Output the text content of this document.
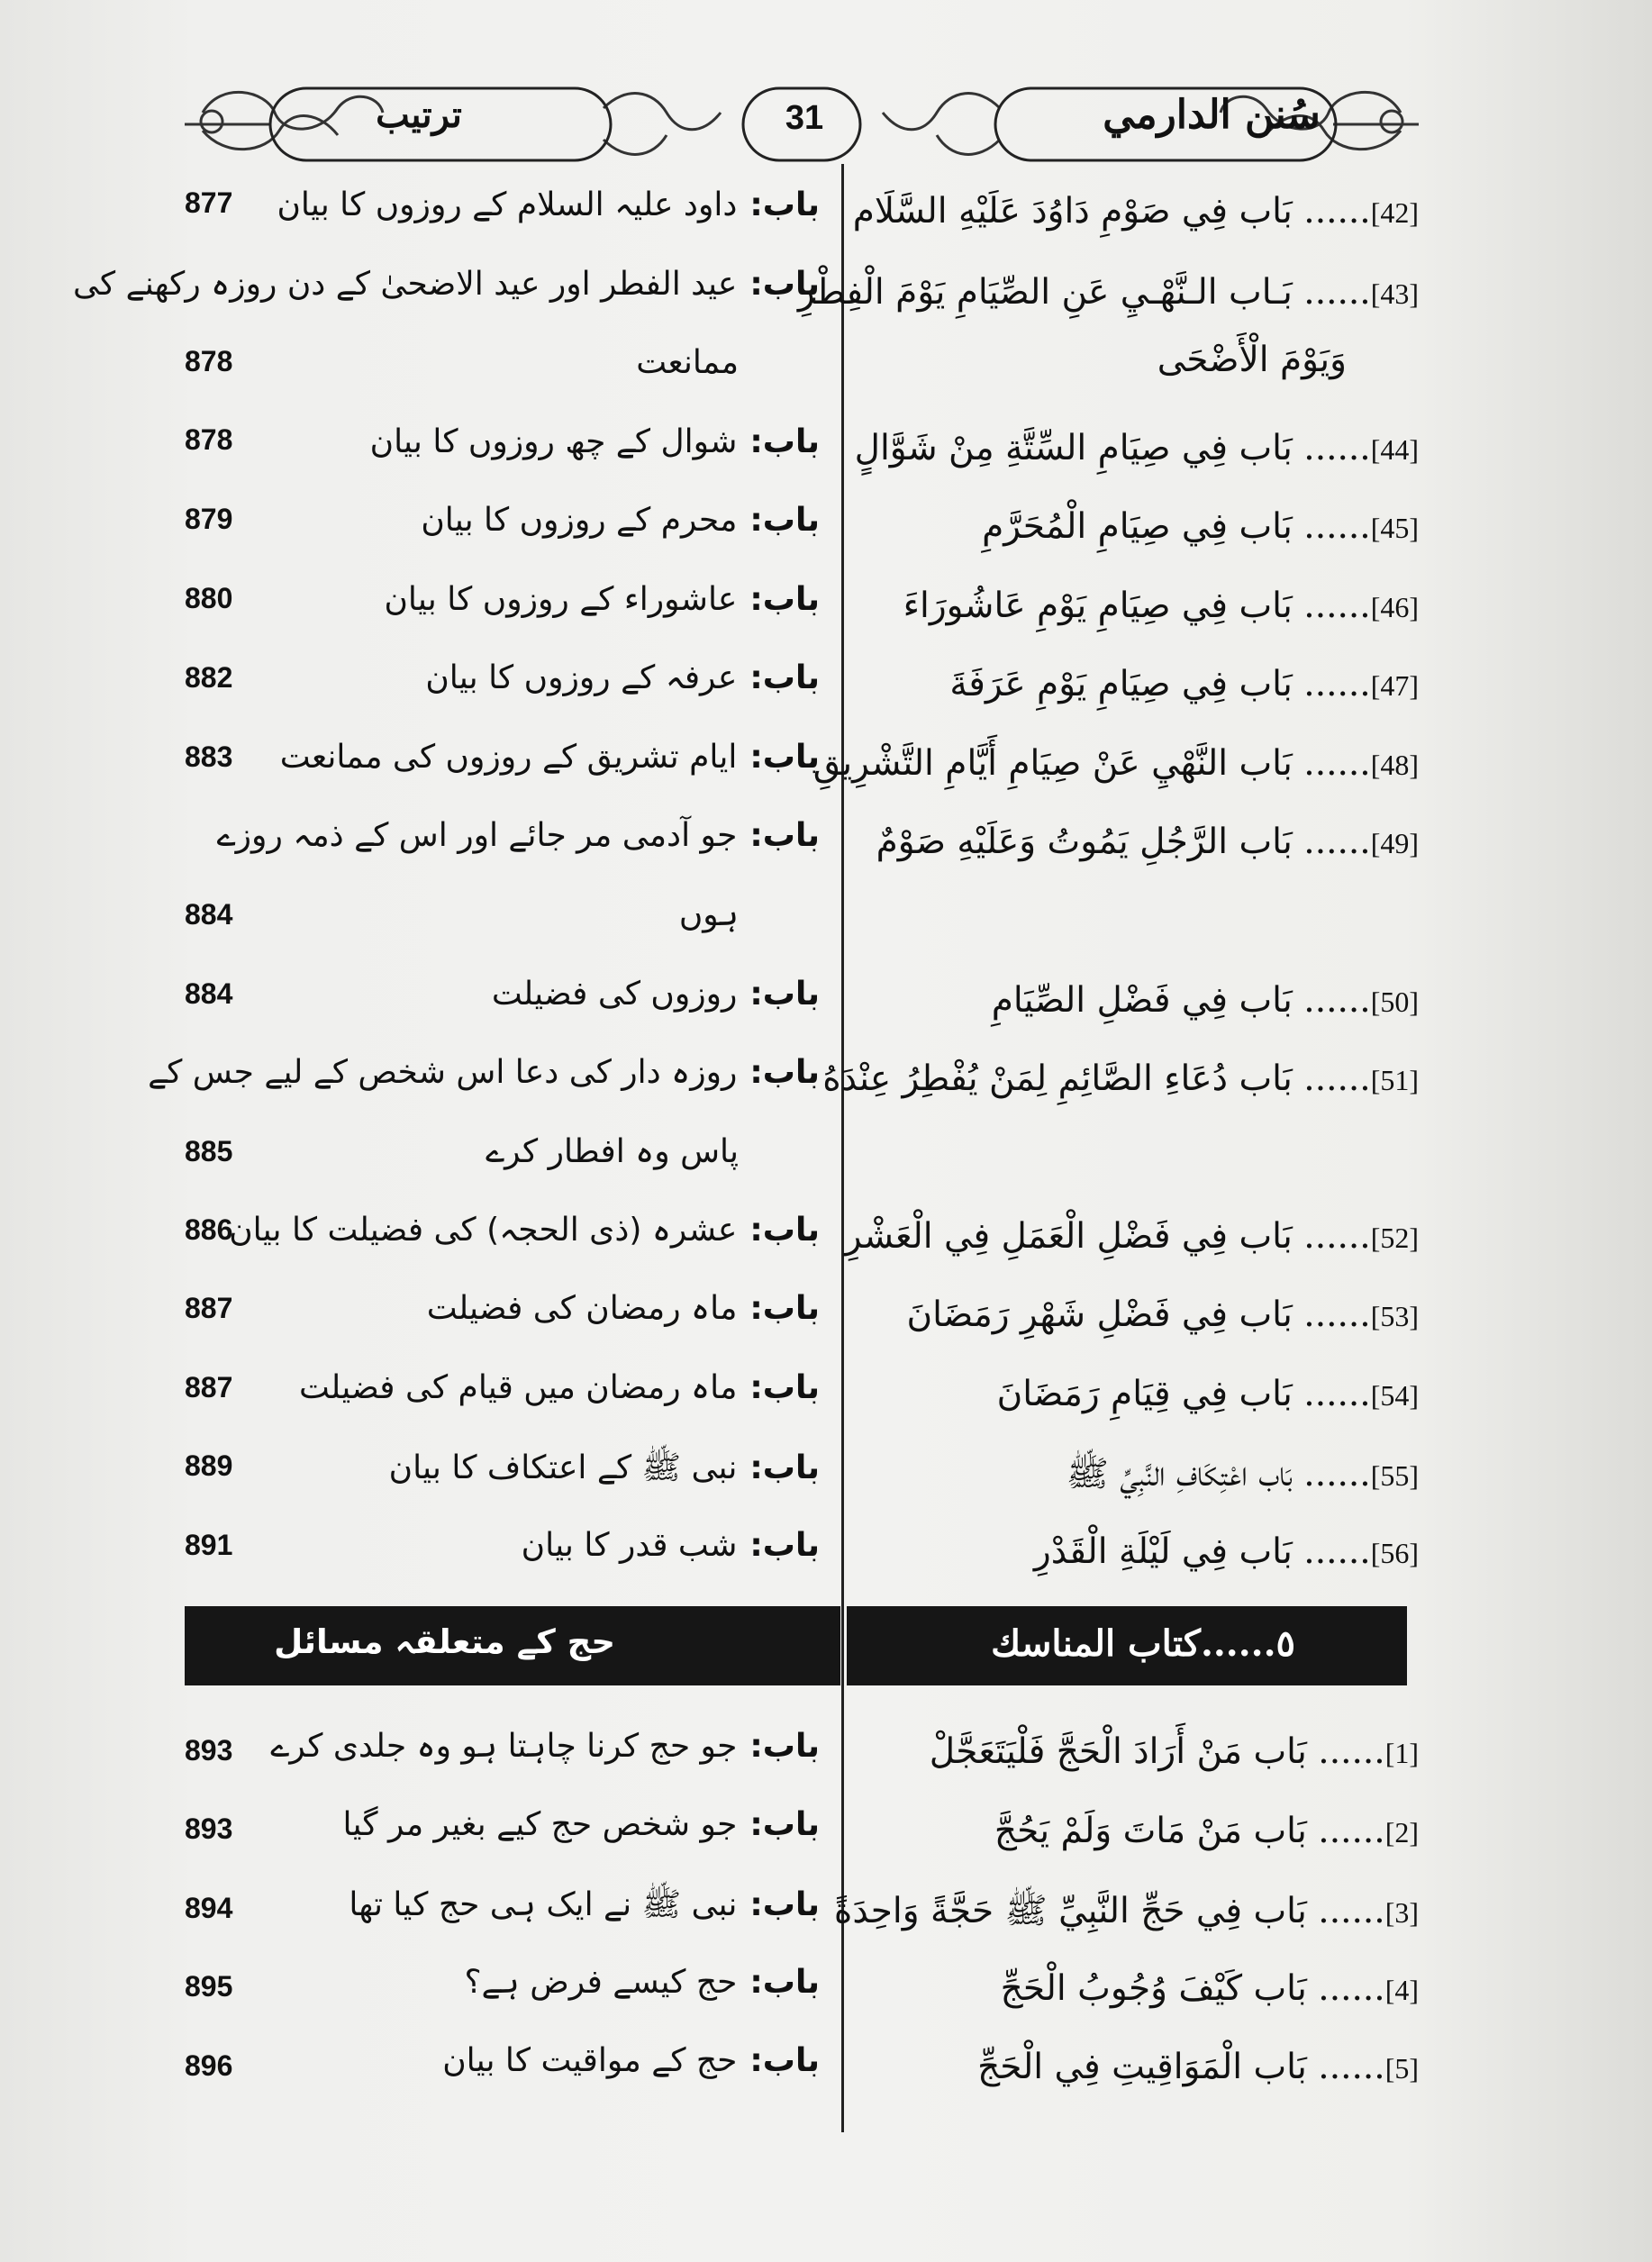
سُنن الدارمي
31
ترتيب
[42]...... بَاب فِي صَوْمِ دَاوُدَ عَلَيْهِ السَّلَام
[43]...... بَـاب الـنَّهْـيِ عَنِ الصِّيَامِ يَوْمَ الْفِطْرِ
وَيَوْمَ الْأَضْحَى
[44]...... بَاب فِي صِيَامِ السِّتَّةِ مِنْ شَوَّالٍ
[45]...... بَاب فِي صِيَامِ الْمُحَرَّمِ
[46]...... بَاب فِي صِيَامِ يَوْمِ عَاشُورَاءَ
[47]...... بَاب فِي صِيَامِ يَوْمِ عَرَفَةَ
[48]...... بَاب النَّهْيِ عَنْ صِيَامِ أَيَّامِ التَّشْرِيقِ
[49]...... بَاب الرَّجُلِ يَمُوتُ وَعَلَيْهِ صَوْمٌ
[50]...... بَاب فِي فَضْلِ الصِّيَامِ
[51]...... بَاب دُعَاءِ الصَّائِمِ لِمَنْ يُفْطِرُ عِنْدَهُ
[52]...... بَاب فِي فَضْلِ الْعَمَلِ فِي الْعَشْرِ
[53]...... بَاب فِي فَضْلِ شَهْرِ رَمَضَانَ
[54]...... بَاب فِي قِيَامِ رَمَضَانَ
[55]...... بَاب اعْتِكَافِ النَّبِيِّ ﷺ
[56]...... بَاب فِي لَيْلَةِ الْقَدْرِ
باب:داود علیہ السلام کے روزوں کا بیان
877
باب:عید الفطر اور عید الاضحیٰ کے دن روزہ رکھنے کی
ممانعت
878
باب:شوال کے چھ روزوں کا بیان
878
باب:محرم کے روزوں کا بیان
879
باب:عاشوراء کے روزوں کا بیان
880
باب:عرفہ کے روزوں کا بیان
882
باب:ایام تشریق کے روزوں کی ممانعت
883
باب:جو آدمی مر جائے اور اس کے ذمہ روزے
ہوں
884
باب:روزوں کی فضیلت
884
باب:روزہ دار کی دعا اس شخص کے لیے جس کے
پاس وہ افطار کرے
885
باب:عشرہ (ذی الحجہ) کی فضیلت کا بیان
886
باب:ماہ رمضان کی فضیلت
887
باب:ماہ رمضان میں قیام کی فضیلت
887
باب:نبی ﷺ کے اعتکاف کا بیان
889
باب:شب قدر کا بیان
891
٥......كتاب المناسك
حج کے متعلقہ مسائل
[1]...... بَاب مَنْ أَرَادَ الْحَجَّ فَلْيَتَعَجَّلْ
[2]...... بَاب مَنْ مَاتَ وَلَمْ يَحُجَّ
[3]...... بَاب فِي حَجِّ النَّبِيِّ ﷺ حَجَّةً وَاحِدَةً
[4]...... بَاب كَيْفَ وُجُوبُ الْحَجِّ
[5]...... بَاب الْمَوَاقِيتِ فِي الْحَجِّ
باب:جو حج کرنا چاہتا ہو وہ جلدی کرے
893
باب:جو شخص حج کیے بغیر مر گیا
893
باب:نبی ﷺ نے ایک ہی حج کیا تھا
894
باب:حج کیسے فرض ہے؟
895
باب:حج کے مواقیت کا بیان
896
